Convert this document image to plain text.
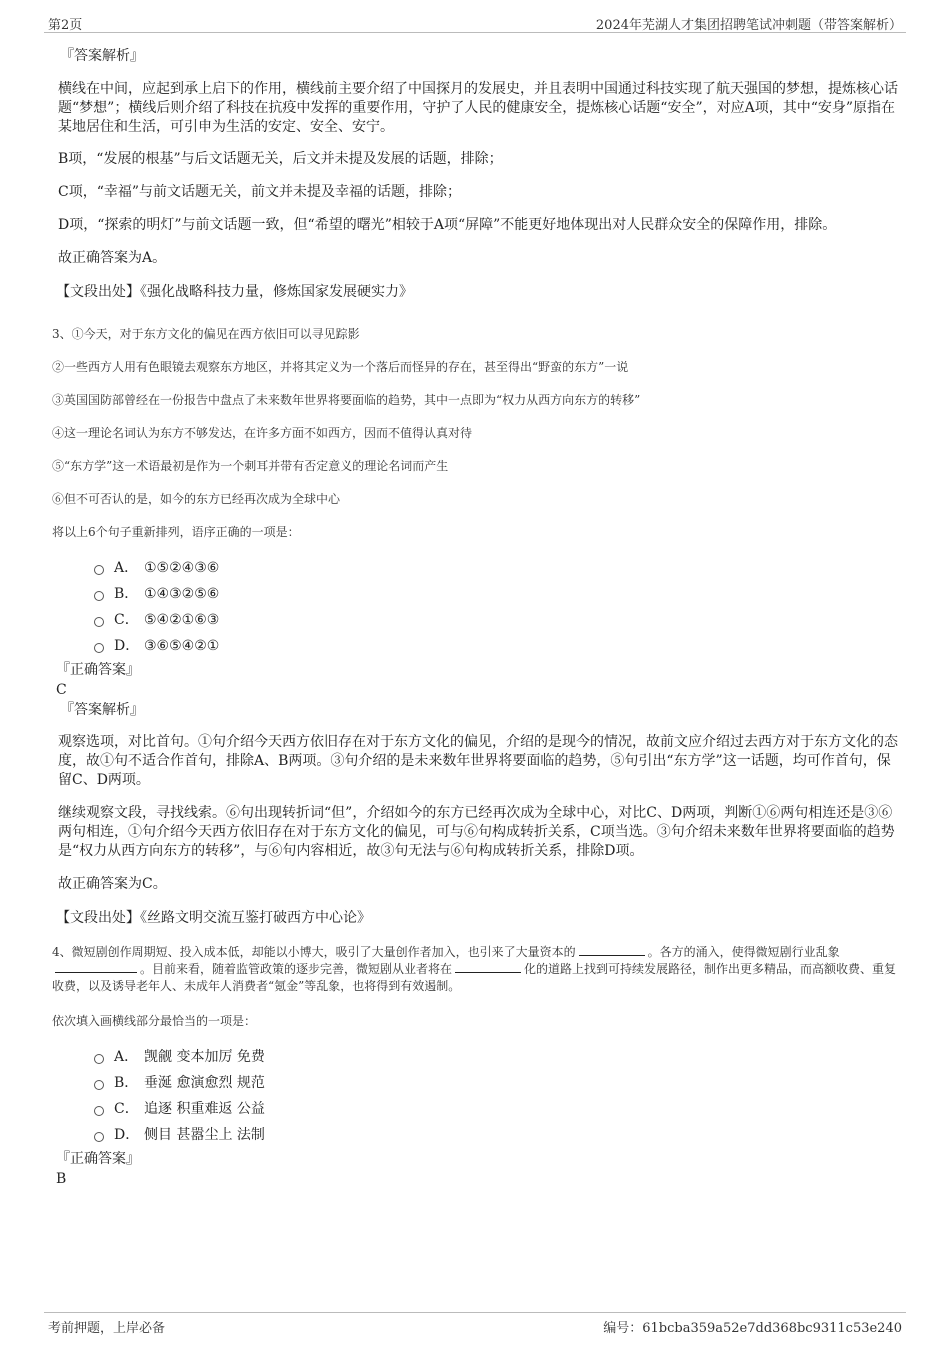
第2页	2024年芜湖人才集团招聘笔试冲刺题（带答案解析）

『答案解析』

横线在中间，应起到承上启下的作用，横线前主要介绍了中国探月的发展史，并且表明中国通过科技实现了航天强国的梦想，提炼核心话题“梦想”；横线后则介绍了科技在抗疫中发挥的重要作用，守护了人民的健康安全，提炼核心话题“安全”，对应A项，其中“安身”原指在某地居住和生活，可引申为生活的安定、安全、安宁。

B项，“发展的根基”与后文话题无关，后文并未提及发展的话题，排除；

C项，“幸福”与前文话题无关，前文并未提及幸福的话题，排除；

D项，“探索的明灯”与前文话题一致，但“希望的曙光”相较于A项“屏障”不能更好地体现出对人民群众安全的保障作用，排除。

故正确答案为A。

【文段出处】《强化战略科技力量，修炼国家发展硬实力》

3、①今天，对于东方文化的偏见在西方依旧可以寻见踪影

②一些西方人用有色眼镜去观察东方地区，并将其定义为一个落后而怪异的存在，甚至得出“野蛮的东方”一说

③英国国防部曾经在一份报告中盘点了未来数年世界将要面临的趋势，其中一点即为“权力从西方向东方的转移”

④这一理论名词认为东方不够发达，在许多方面不如西方，因而不值得认真对待

⑤“东方学”这一术语最初是作为一个刺耳并带有否定意义的理论名词而产生

⑥但不可否认的是，如今的东方已经再次成为全球中心

将以上6个句子重新排列，语序正确的一项是：

A． ①⑤②④③⑥
B． ①④③②⑤⑥
C． ⑤④②①⑥③
D． ③⑥⑤④②①

『正确答案』

C

『答案解析』

观察选项，对比首句。①句介绍今天西方依旧存在对于东方文化的偏见，介绍的是现今的情况，故前文应介绍过去西方对于东方文化的态度，故①句不适合作首句，排除A、B两项。③句介绍的是未来数年世界将要面临的趋势，⑤句引出“东方学”这一话题，均可作首句，保留C、D两项。

继续观察文段，寻找线索。⑥句出现转折词“但”，介绍如今的东方已经再次成为全球中心，对比C、D两项，判断①⑥两句相连还是③⑥两句相连，①句介绍今天西方依旧存在对于东方文化的偏见，可与⑥句构成转折关系，C项当选。③句介绍未来数年世界将要面临的趋势是“权力从西方向东方的转移”，与⑥句内容相近，故③句无法与⑥句构成转折关系，排除D项。

故正确答案为C。

【文段出处】《丝路文明交流互鉴打破西方中心论》

4、微短剧创作周期短、投入成本低，却能以小博大，吸引了大量创作者加入，也引来了大量资本的	。各方的涌入，使得微短剧行业乱象。目前来看，随着监管政策的逐步完善，微短剧从业者将在	化的道路上找到可持续发展路径，制作出更多精品，而高额收费、重复收费，以及诱导老年人、未成年人消费者“氪金”等乱象，也将得到有效遏制。

依次填入画横线部分最恰当的一项是：

A． 觊觎 变本加厉 免费
B． 垂涎 愈演愈烈 规范
C． 追逐 积重难返 公益
D． 侧目 甚嚣尘上 法制

『正确答案』

B

考前押题，上岸必备	编号：61bcba359a52e7dd368bc9311c53e240
